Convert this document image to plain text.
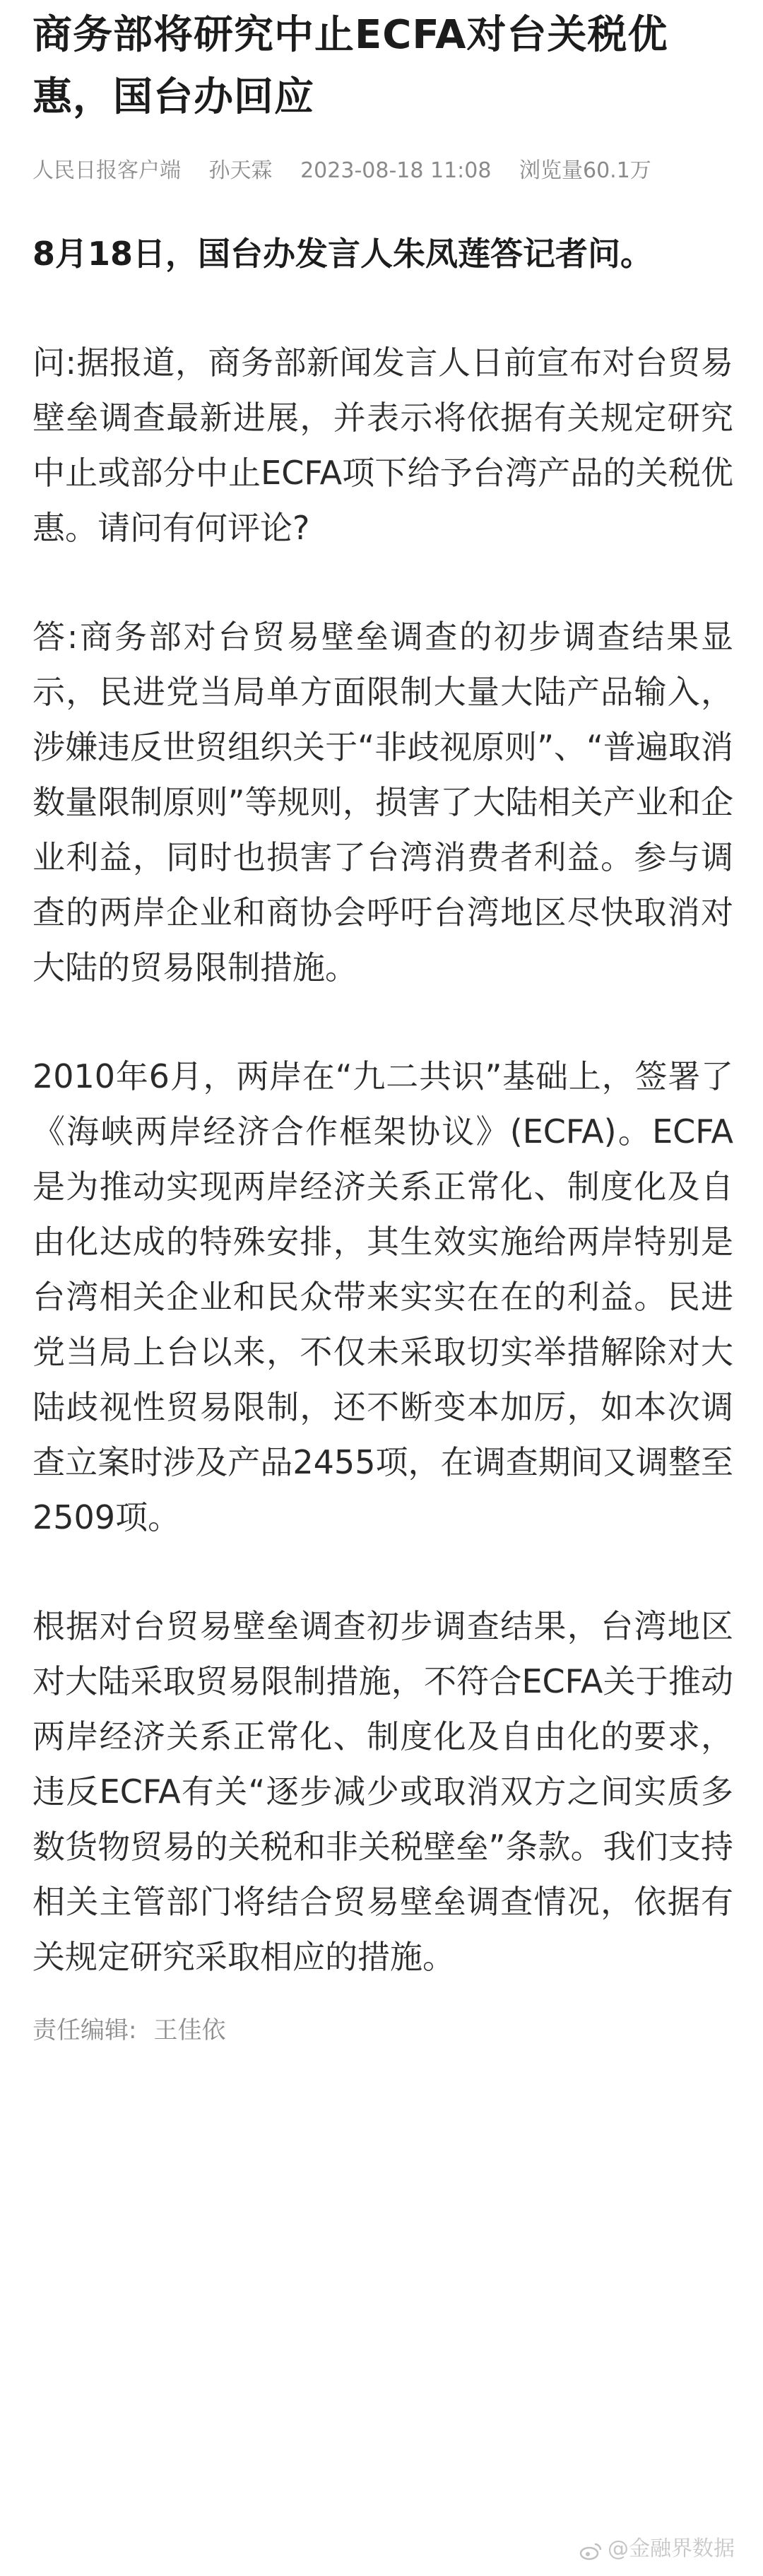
商务部将研究中止ECFA对台关税优惠，国台办回应
人民日报客户端 孙天霖 2023-08-18 11:08 浏览量60.1万

8月18日，国台办发言人朱凤莲答记者问。

问:据报道，商务部新闻发言人日前宣布对台贸易壁垒调查最新进展，并表示将依据有关规定研究中止或部分中止ECFA项下给予台湾产品的关税优惠。请问有何评论?

答:商务部对台贸易壁垒调查的初步调查结果显示，民进党当局单方面限制大量大陆产品输入，涉嫌违反世贸组织关于“非歧视原则”、“普遍取消数量限制原则”等规则，损害了大陆相关产业和企业利益，同时也损害了台湾消费者利益。参与调查的两岸企业和商协会呼吁台湾地区尽快取消对大陆的贸易限制措施。

2010年6月，两岸在“九二共识”基础上，签署了《海峡两岸经济合作框架协议》(ECFA)。ECFA是为推动实现两岸经济关系正常化、制度化及自由化达成的特殊安排，其生效实施给两岸特别是台湾相关企业和民众带来实实在在的利益。民进党当局上台以来，不仅未采取切实举措解除对大陆歧视性贸易限制，还不断变本加厉，如本次调查立案时涉及产品2455项，在调查期间又调整至2509项。

根据对台贸易壁垒调查初步调查结果，台湾地区对大陆采取贸易限制措施，不符合ECFA关于推动两岸经济关系正常化、制度化及自由化的要求，违反ECFA有关“逐步减少或取消双方之间实质多数货物贸易的关税和非关税壁垒”条款。我们支持相关主管部门将结合贸易壁垒调查情况，依据有关规定研究采取相应的措施。

责任编辑: 王佳依
@金融界数据
